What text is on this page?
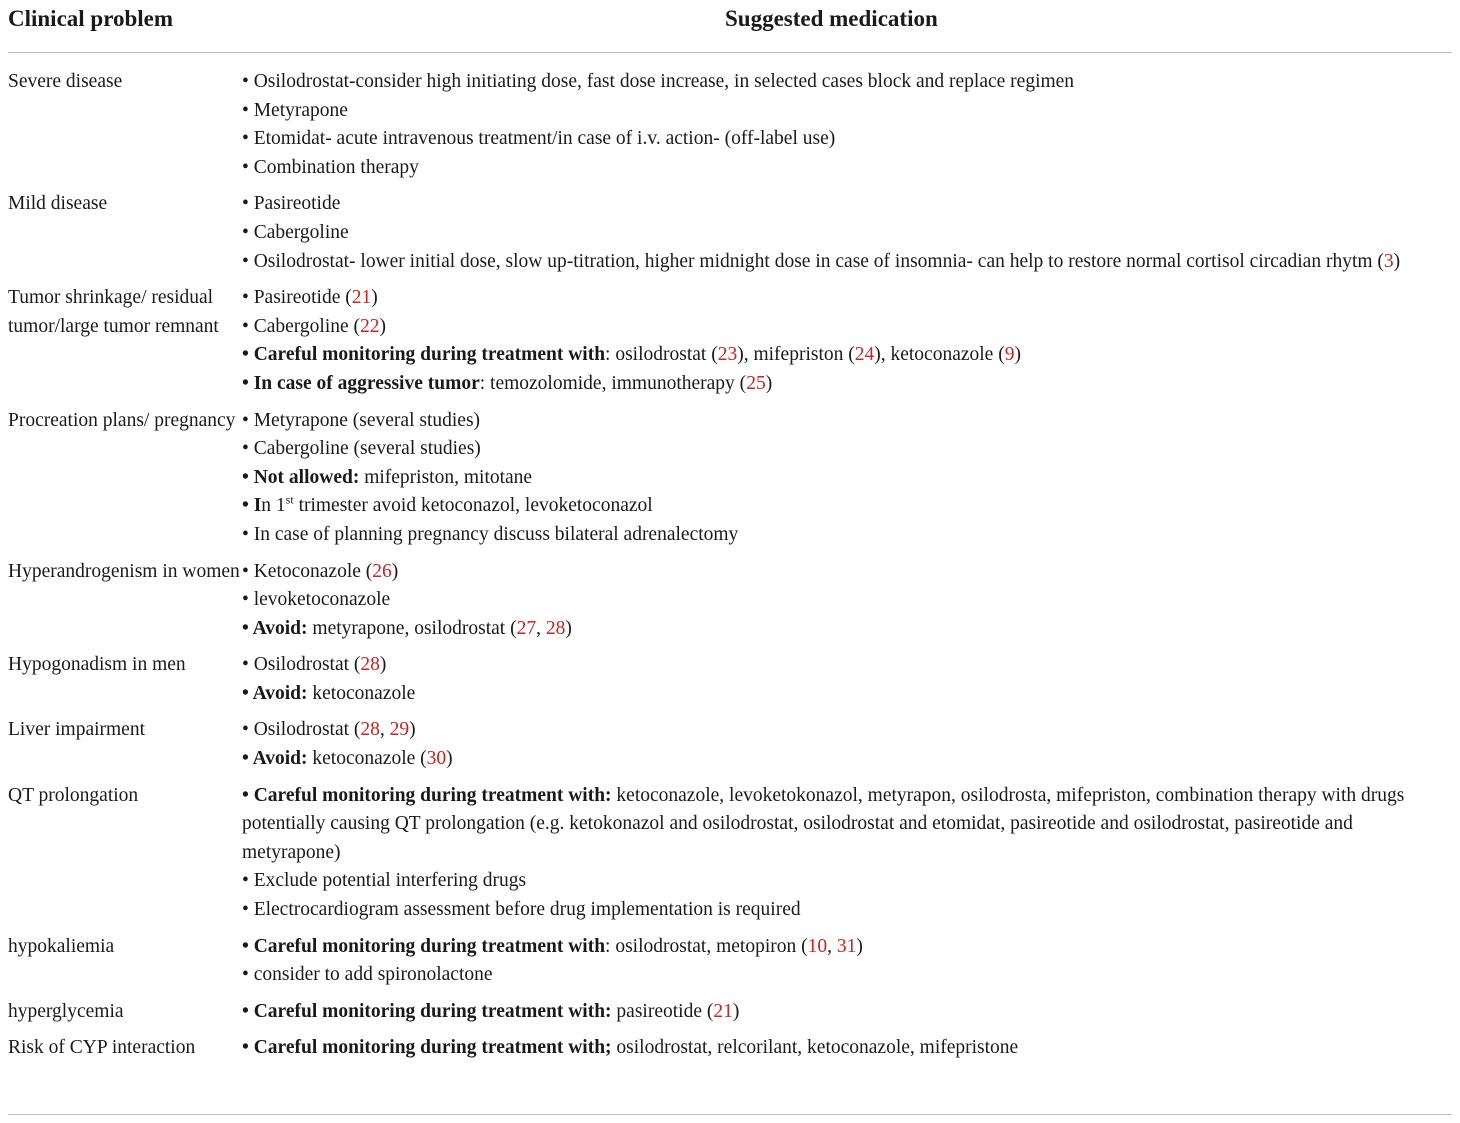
Clinical problem	Suggested medication
Severe disease	• Osilodrostat-consider high initiating dose, fast dose increase, in selected cases block and replace regimen
• Metyrapone
• Etomidat- acute intravenous treatment/in case of i.v. action- (off-label use)
• Combination therapy

Mild disease	• Pasireotide
• Cabergoline
• Osilodrostat- lower initial dose, slow up-titration, higher midnight dose in case of insomnia- can help to restore normal cortisol circadian rhytm (3)

Tumor shrinkage/ residual tumor/large tumor remnant	• Pasireotide (21)
• Cabergoline (22)
• Careful monitoring during treatment with: osilodrostat (23), mifepriston (24), ketoconazole (9)
• In case of aggressive tumor: temozolomide, immunotherapy (25)

Procreation plans/ pregnancy	• Metyrapone (several studies)
• Cabergoline (several studies)
• Not allowed: mifepriston, mitotane
• In 1st trimester avoid ketoconazol, levoketoconazol
• In case of planning pregnancy discuss bilateral adrenalectomy

Hyperandrogenism in women	• Ketoconazole (26)
• levoketoconazole
• Avoid: metyrapone, osilodrostat (27, 28)

Hypogonadism in men	• Osilodrostat (28)
• Avoid: ketoconazole

Liver impairment	• Osilodrostat (28, 29)
• Avoid: ketoconazole (30)

QT prolongation	• Careful monitoring during treatment with: ketoconazole, levoketokonazol, metyrapon, osilodrosta, mifepriston, combination therapy with drugs potentially causing QT prolongation (e.g. ketokonazol and osilodrostat, osilodrostat and etomidat, pasireotide and osilodrostat, pasireotide and metyrapone)
• Exclude potential interfering drugs
• Electrocardiogram assessment before drug implementation is required

hypokaliemia	• Careful monitoring during treatment with: osilodrostat, metopiron (10, 31)
• consider to add spironolactone

hyperglycemia	• Careful monitoring during treatment with: pasireotide (21)

Risk of CYP interaction	• Careful monitoring during treatment with; osilodrostat, relcorilant, ketoconazole, mifepristone
